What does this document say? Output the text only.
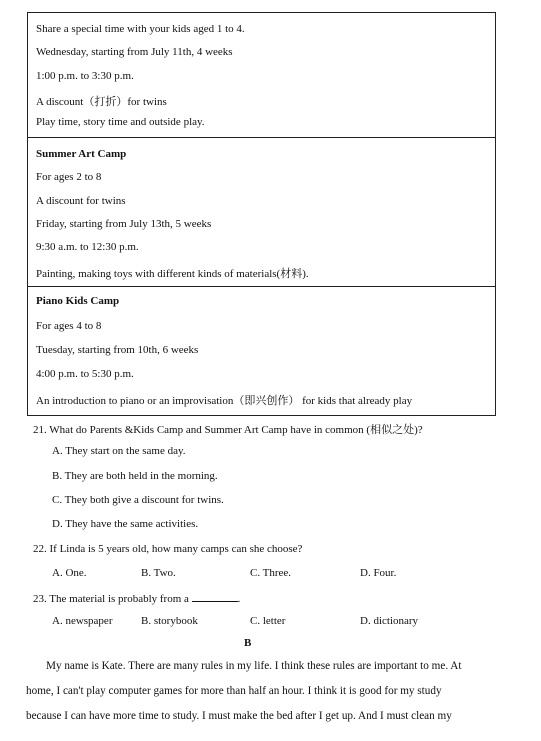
Share a special time with your kids aged 1 to 4.
Wednesday, starting from July 11th, 4 weeks
1:00 p.m. to 3:30 p.m.
A discount（打折）for twins
Play time, story time and outside play.
Summer Art Camp
For ages 2 to 8
A discount for twins
Friday, starting from July 13th, 5 weeks
9:30 a.m. to 12:30 p.m.
Painting, making toys with different kinds of materials(材料).
Piano Kids Camp
For ages 4 to 8
Tuesday, starting from 10th, 6 weeks
4:00 p.m. to 5:30 p.m.
An introduction to piano or an improvisation（即兴创作） for kids that already play
21. What do Parents &Kids Camp and Summer Art Camp have in common (相似之处)?
A. They start on the same day.
B. They are both held in the morning.
C. They both give a discount for twins.
D. They have the same activities.
22. If Linda is 5 years old, how many camps can she choose?
A. One.	B. Two.	C. Three.	D. Four.
23. The material is probably from a	.
A. newspaper	B. storybook	C. letter	D. dictionary
B
My name is Kate. There are many rules in my life. I think these rules are important to me. At
home, I can't play computer games for more than half an hour. I think it is good for my study
because I can have more time to study. I must make the bed after I get up. And I must clean my
